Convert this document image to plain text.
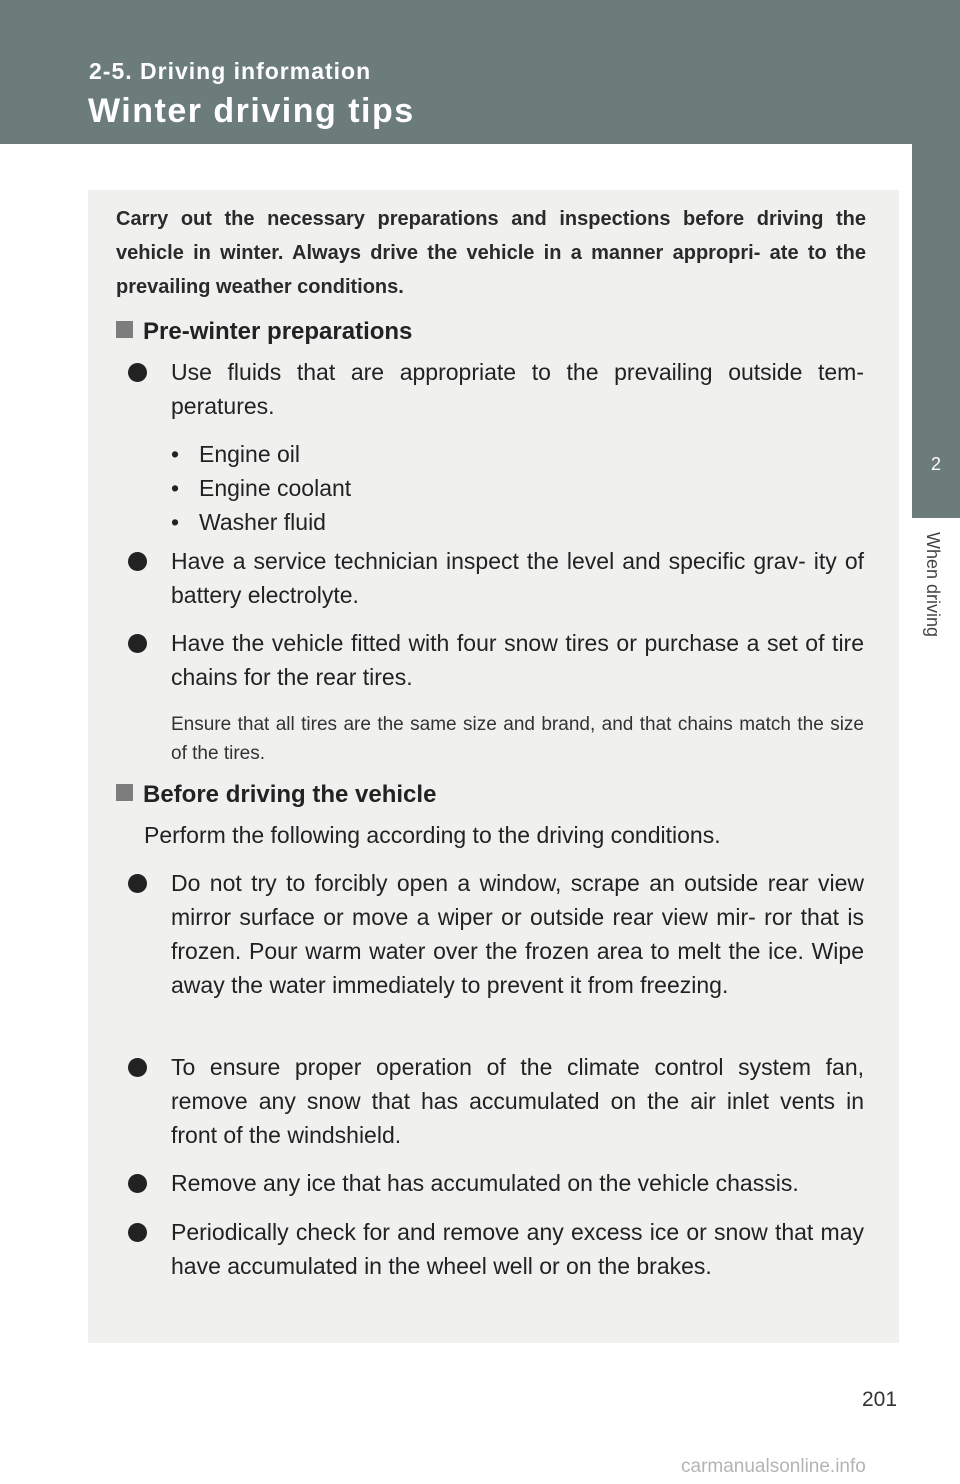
2-5. Driving information
Winter driving tips
2
When driving
Carry out the necessary preparations and inspections before driving the vehicle in winter. Always drive the vehicle in a manner appropri- ate to the prevailing weather conditions.
Pre-winter preparations
Use fluids that are appropriate to the prevailing outside tem- peratures.
• Engine oil
• Engine coolant
• Washer fluid
Have a service technician inspect the level and specific grav- ity of battery electrolyte.
Have the vehicle fitted with four snow tires or purchase a set of tire chains for the rear tires.
Ensure that all tires are the same size and brand, and that chains match the size of the tires.
Before driving the vehicle
Perform the following according to the driving conditions.
Do not try to forcibly open a window, scrape an outside rear view mirror surface or move a wiper or outside rear view mir- ror that is frozen. Pour warm water over the frozen area to melt the ice. Wipe away the water immediately to prevent it from freezing.
To ensure proper operation of the climate control system fan, remove any snow that has accumulated on the air inlet vents in front of the windshield.
Remove any ice that has accumulated on the vehicle chassis.
Periodically check for and remove any excess ice or snow that may have accumulated in the wheel well or on the brakes.
201
carmanualsonline.info
